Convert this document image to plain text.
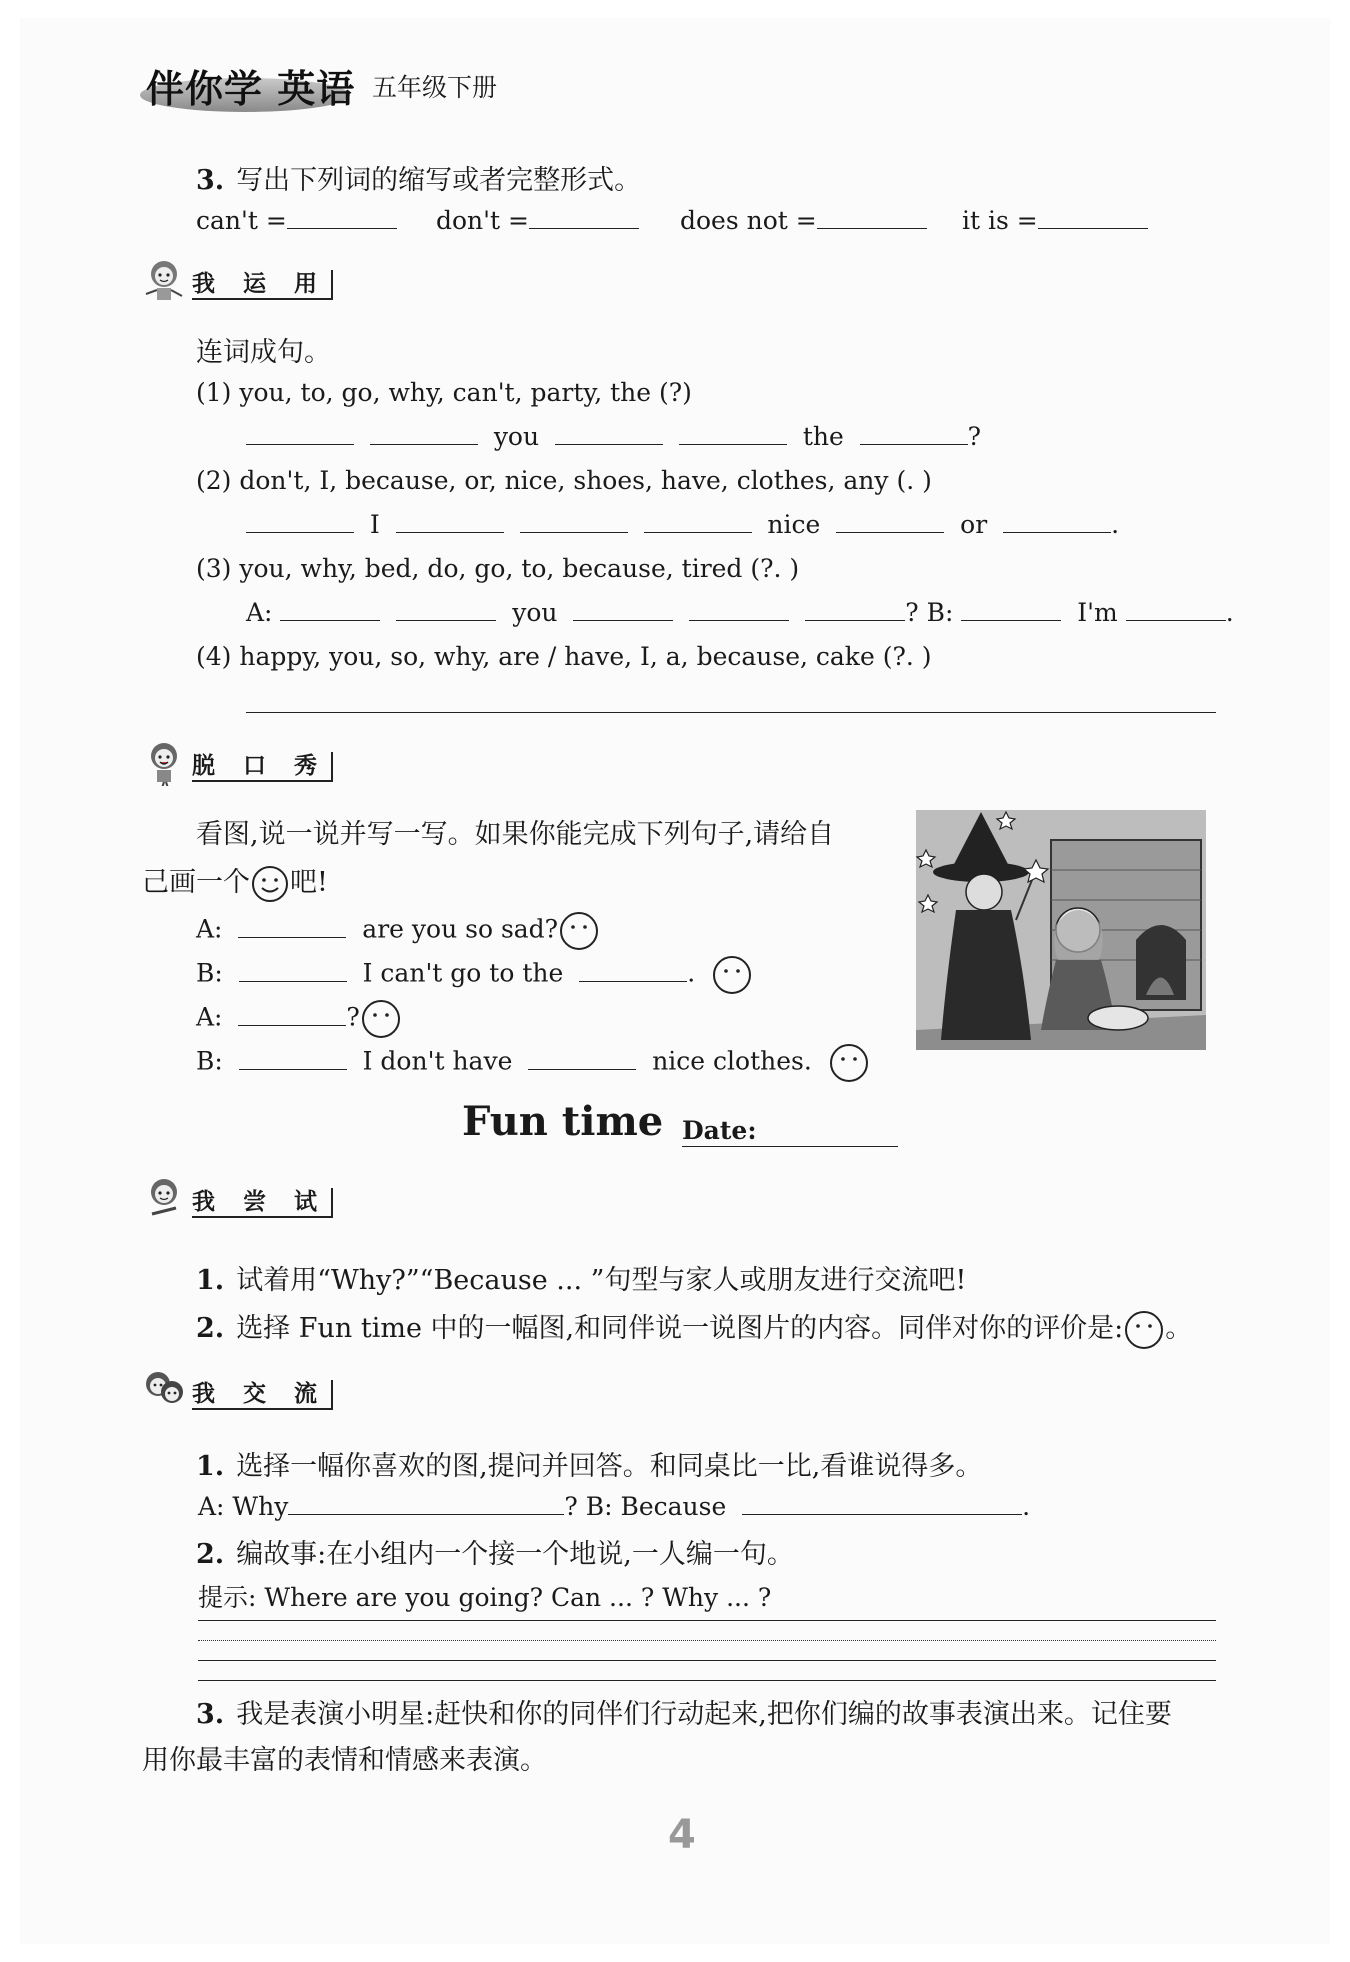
伴你学 英语 五年级下册
3. 写出下列词的缩写或者完整形式。
can't =	don't =	does not =	it is =
我 运 用
连词成句。
(1) you, to, go, why, can't, party, the (?)
you	the	?
(2) don't, I, because, or, nice, shoes, have, clothes, any (. )
I	nice	or	.
(3) you, why, bed, do, go, to, because, tired (?. )
A:	you	? B:	I'm	.
(4) happy, you, so, why, are / have, I, a, because, cake (?. )
脱 口 秀
看图,说一说并写一写。如果你能完成下列句子,请给自
己画一个 吧!
A:	are you so sad?
B:	I can't go to the	.
A:	?
B:	I don't have	nice clothes.
Fun time Date:
我 尝 试
1. 试着用“Why?”“Because ... ”句型与家人或朋友进行交流吧!
2. 选择 Fun time 中的一幅图,和同伴说一说图片的内容。同伴对你的评价是: 。
我 交 流
1. 选择一幅你喜欢的图,提问并回答。和同桌比一比,看谁说得多。
A: Why	? B: Because	.
2. 编故事:在小组内一个接一个地说,一人编一句。
提示: Where are you going? Can ... ? Why ... ?
3. 我是表演小明星:赶快和你的同伴们行动起来,把你们编的故事表演出来。记住要
用你最丰富的表情和情感来表演。
4
